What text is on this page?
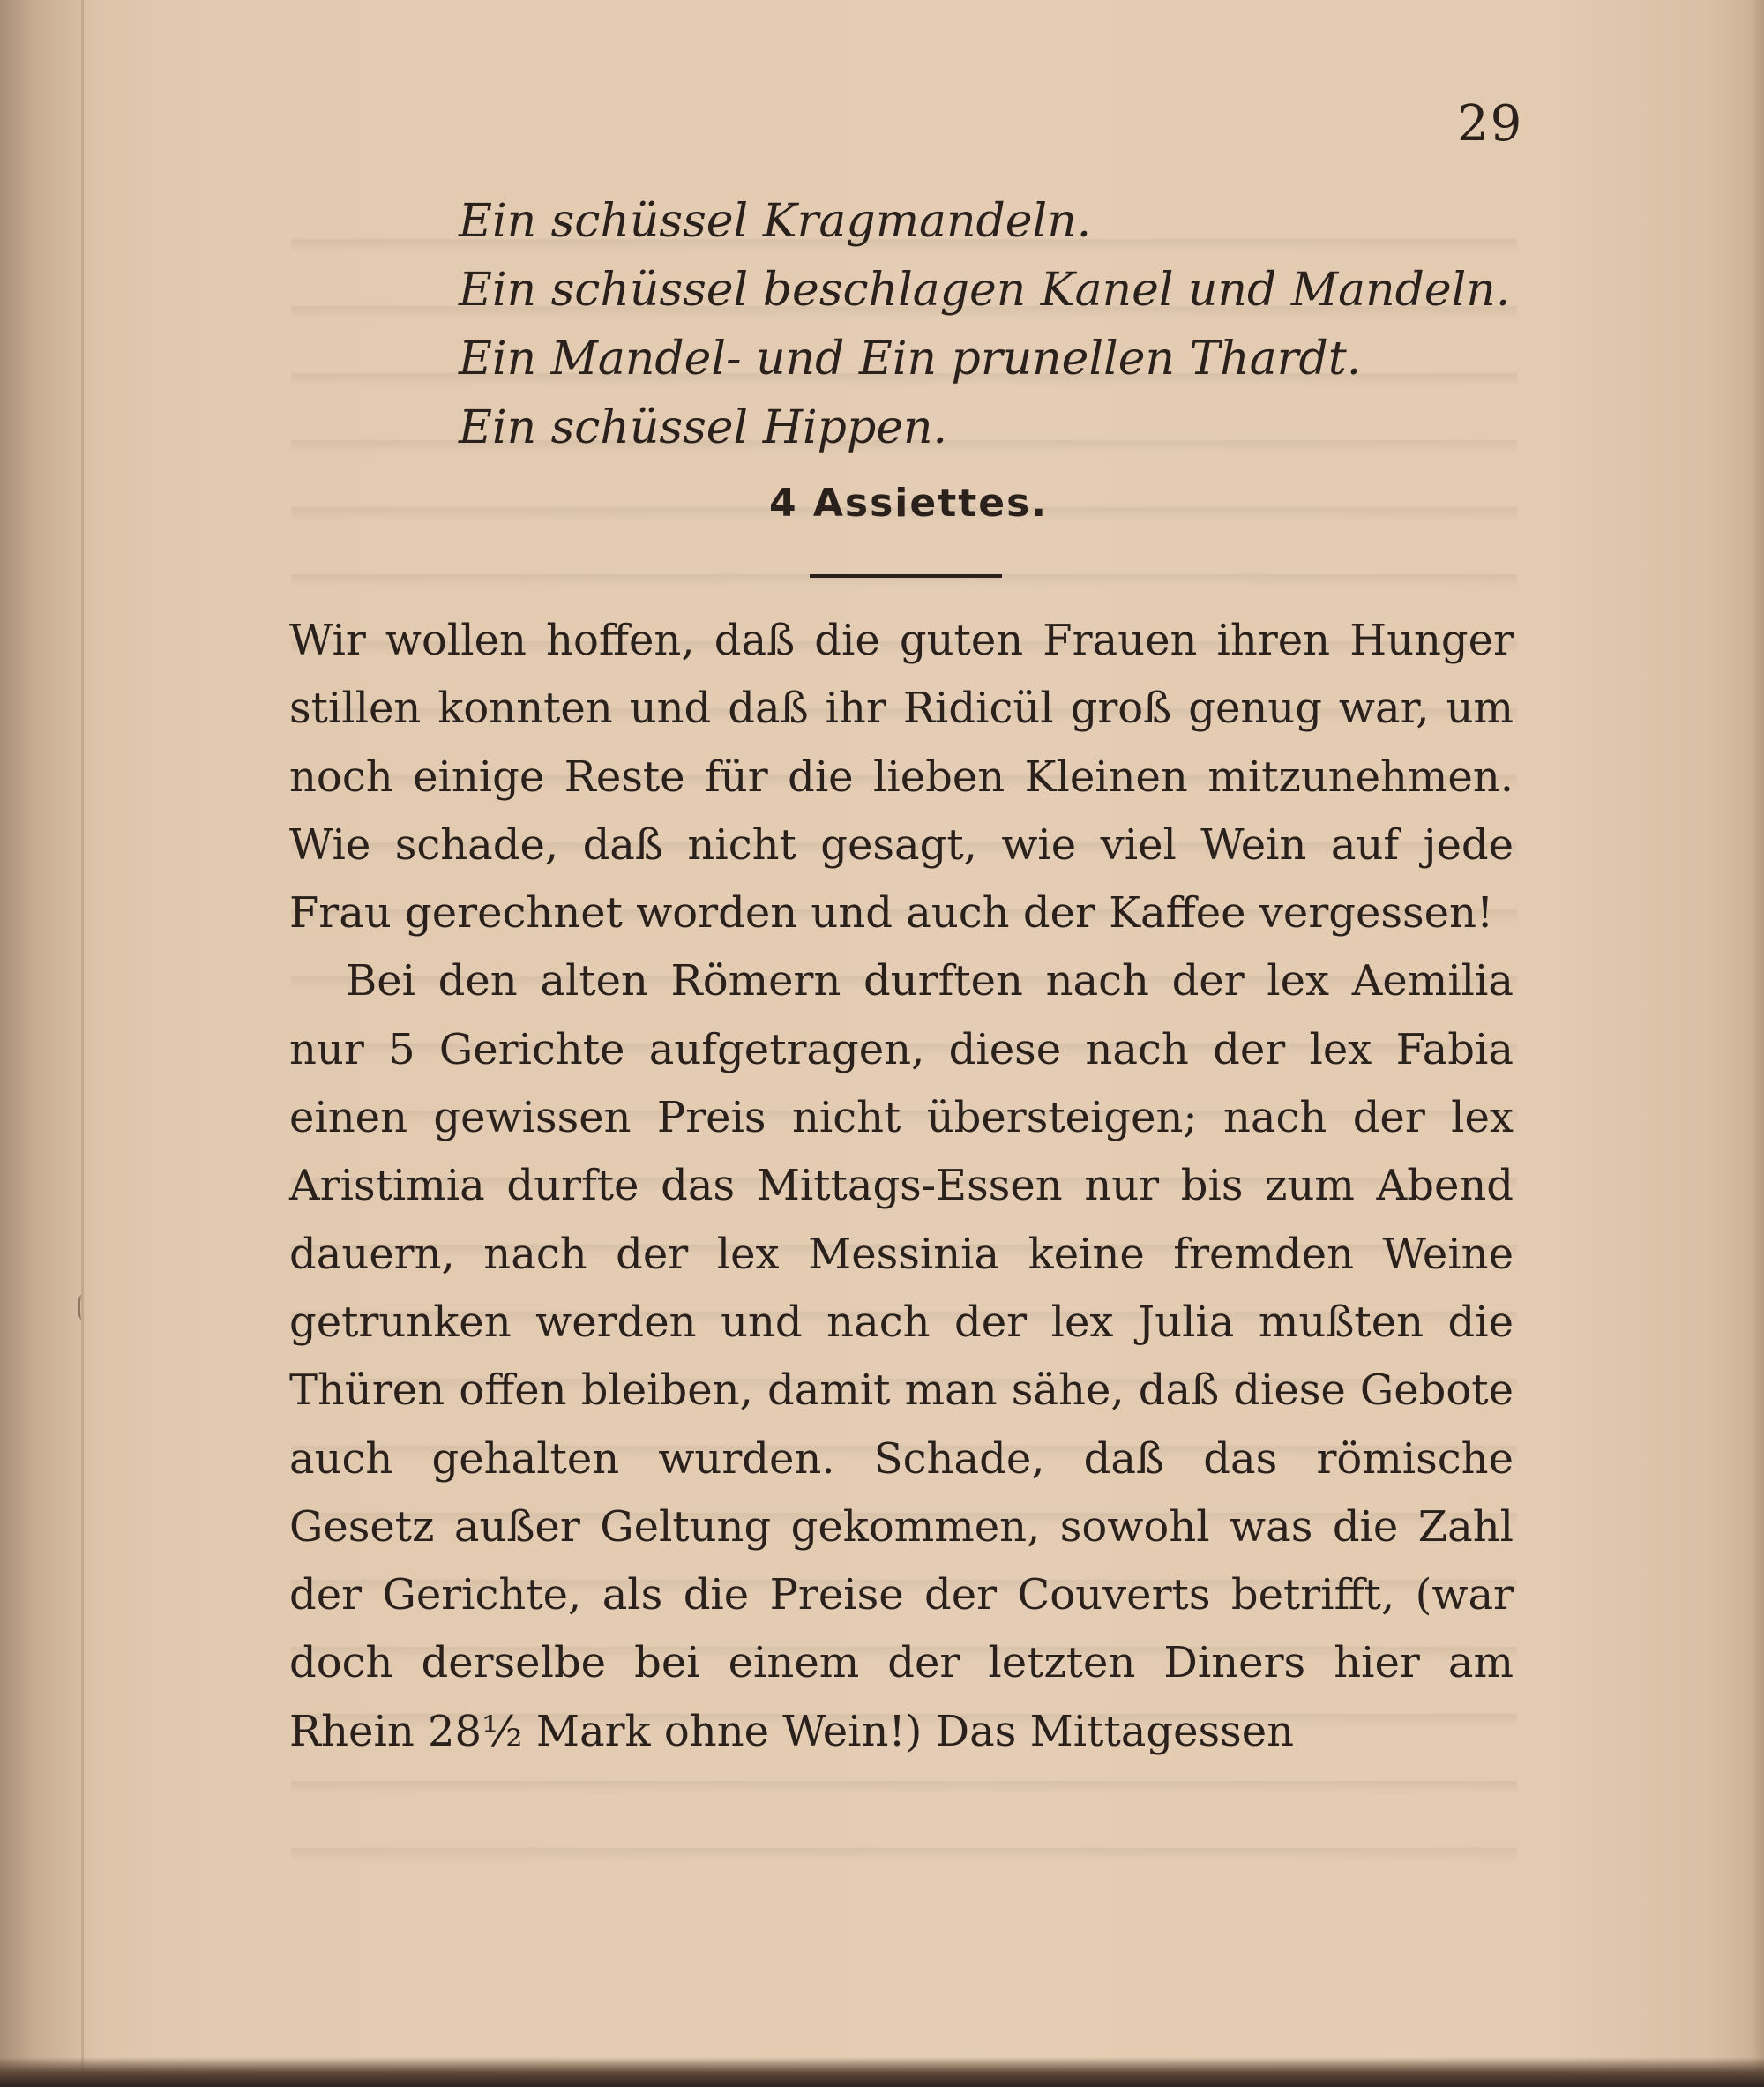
29
Ein schüssel Kragmandeln.
Ein schüssel beschlagen Kanel und Mandeln.
Ein Mandel- und Ein prunellen Thardt.
Ein schüssel Hippen.
4 Assiettes.

Wir wollen hoffen, daß die guten Frauen ihren Hunger stillen konnten und daß ihr Ridicül groß genug war, um noch einige Reste für die lieben Kleinen mitzunehmen. Wie schade, daß nicht gesagt, wie viel Wein auf jede Frau gerechnet worden und auch der Kaffee vergessen!

Bei den alten Römern durften nach der lex Aemilia nur 5 Gerichte aufgetragen, diese nach der lex Fabia einen gewissen Preis nicht übersteigen; nach der lex Aristimia durfte das Mittags-Essen nur bis zum Abend dauern, nach der lex Messinia keine fremden Weine getrunken werden und nach der lex Julia mußten die Thüren offen bleiben, damit man sähe, daß diese Gebote auch gehalten wurden. Schade, daß das römische Gesetz außer Geltung gekommen, sowohl was die Zahl der Gerichte, als die Preise der Couverts betrifft, (war doch derselbe bei einem der letzten Diners hier am Rhein 28½ Mark ohne Wein!) Das Mittagessen
